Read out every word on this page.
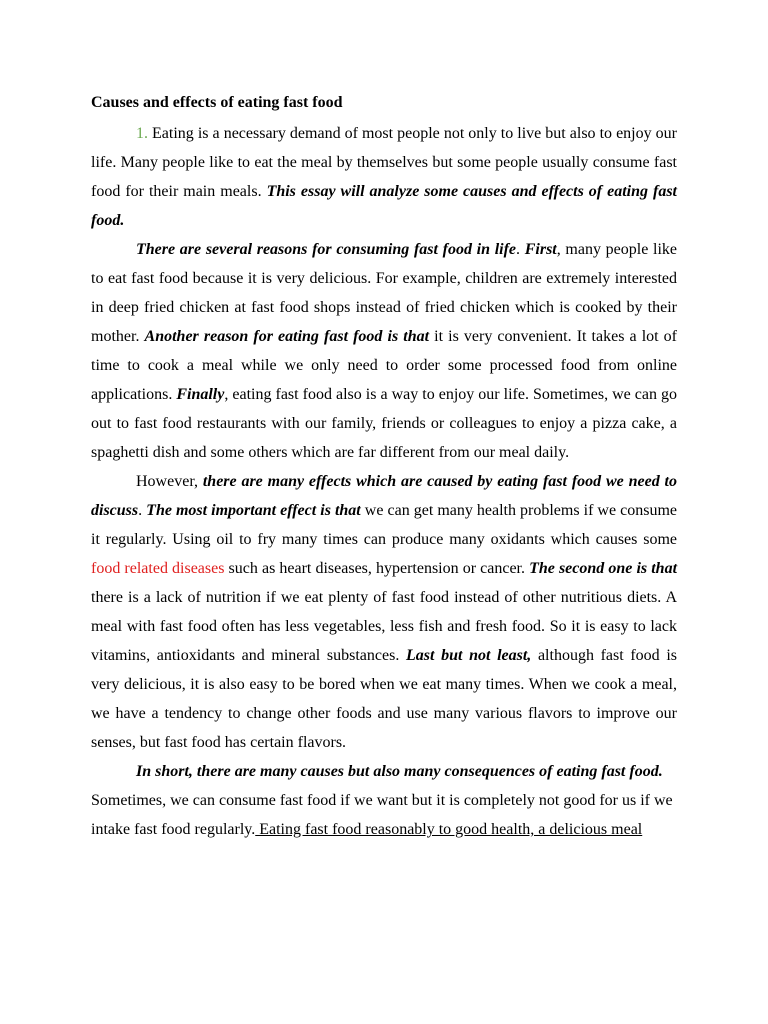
Causes and effects of eating fast food

1. Eating is a necessary demand of most people not only to live but also to enjoy our life. Many people like to eat the meal by themselves but some people usually consume fast food for their main meals. This essay will analyze some causes and effects of eating fast food.

There are several reasons for consuming fast food in life. First, many people like to eat fast food because it is very delicious. For example, children are extremely interested in deep fried chicken at fast food shops instead of fried chicken which is cooked by their mother. Another reason for eating fast food is that it is very convenient. It takes a lot of time to cook a meal while we only need to order some processed food from online applications. Finally, eating fast food also is a way to enjoy our life. Sometimes, we can go out to fast food restaurants with our family, friends or colleagues to enjoy a pizza cake, a spaghetti dish and some others which are far different from our meal daily.

However, there are many effects which are caused by eating fast food we need to discuss. The most important effect is that we can get many health problems if we consume it regularly. Using oil to fry many times can produce many oxidants which causes some food related diseases such as heart diseases, hypertension or cancer. The second one is that there is a lack of nutrition if we eat plenty of fast food instead of other nutritious diets. A meal with fast food often has less vegetables, less fish and fresh food. So it is easy to lack vitamins, antioxidants and mineral substances. Last but not least, although fast food is very delicious, it is also easy to be bored when we eat many times. When we cook a meal, we have a tendency to change other foods and use many various flavors to improve our senses, but fast food has certain flavors.

In short, there are many causes but also many consequences of eating fast food. Sometimes, we can consume fast food if we want but it is completely not good for us if we intake fast food regularly. Eating fast food reasonably to good health, a delicious meal
